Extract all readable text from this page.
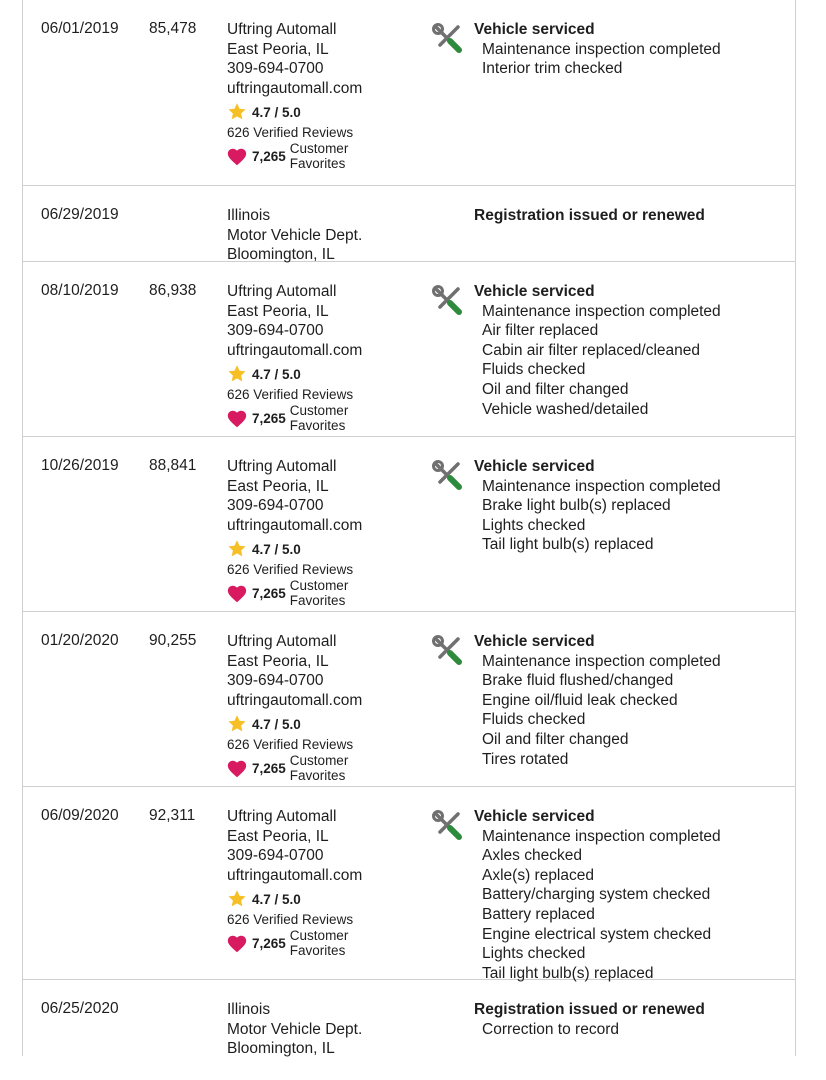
06/01/2019 85,478 Uftring Automall
East Peoria, IL
309-694-0700
uftringautomall.com
4.7 / 5.0
626 Verified Reviews
7,265 Customer
Favorites
Vehicle serviced
Maintenance inspection completed
Interior trim checked
06/29/2019	Illinois
Motor Vehicle Dept.
Bloomington, IL
Registration issued or renewed
08/10/2019 86,938 Uftring Automall
East Peoria, IL
309-694-0700
uftringautomall.com
4.7 / 5.0
626 Verified Reviews
7,265 Customer
Favorites
Vehicle serviced
Maintenance inspection completed
Air filter replaced
Cabin air filter replaced/cleaned
Fluids checked
Oil and filter changed
Vehicle washed/detailed
10/26/2019 88,841 Uftring Automall
East Peoria, IL
309-694-0700
uftringautomall.com
4.7 / 5.0
626 Verified Reviews
7,265 Customer
Favorites
Vehicle serviced
Maintenance inspection completed
Brake light bulb(s) replaced
Lights checked
Tail light bulb(s) replaced
01/20/2020 90,255 Uftring Automall
East Peoria, IL
309-694-0700
uftringautomall.com
4.7 / 5.0
626 Verified Reviews
7,265 Customer
Favorites
Vehicle serviced
Maintenance inspection completed
Brake fluid flushed/changed
Engine oil/fluid leak checked
Fluids checked
Oil and filter changed
Tires rotated
06/09/2020 92,311 Uftring Automall
East Peoria, IL
309-694-0700
uftringautomall.com
4.7 / 5.0
626 Verified Reviews
7,265 Customer
Favorites
Vehicle serviced
Maintenance inspection completed
Axles checked
Axle(s) replaced
Battery/charging system checked
Battery replaced
Engine electrical system checked
Lights checked
Tail light bulb(s) replaced
06/25/2020	Illinois
Motor Vehicle Dept.
Bloomington, IL
Registration issued or renewed
Correction to record
